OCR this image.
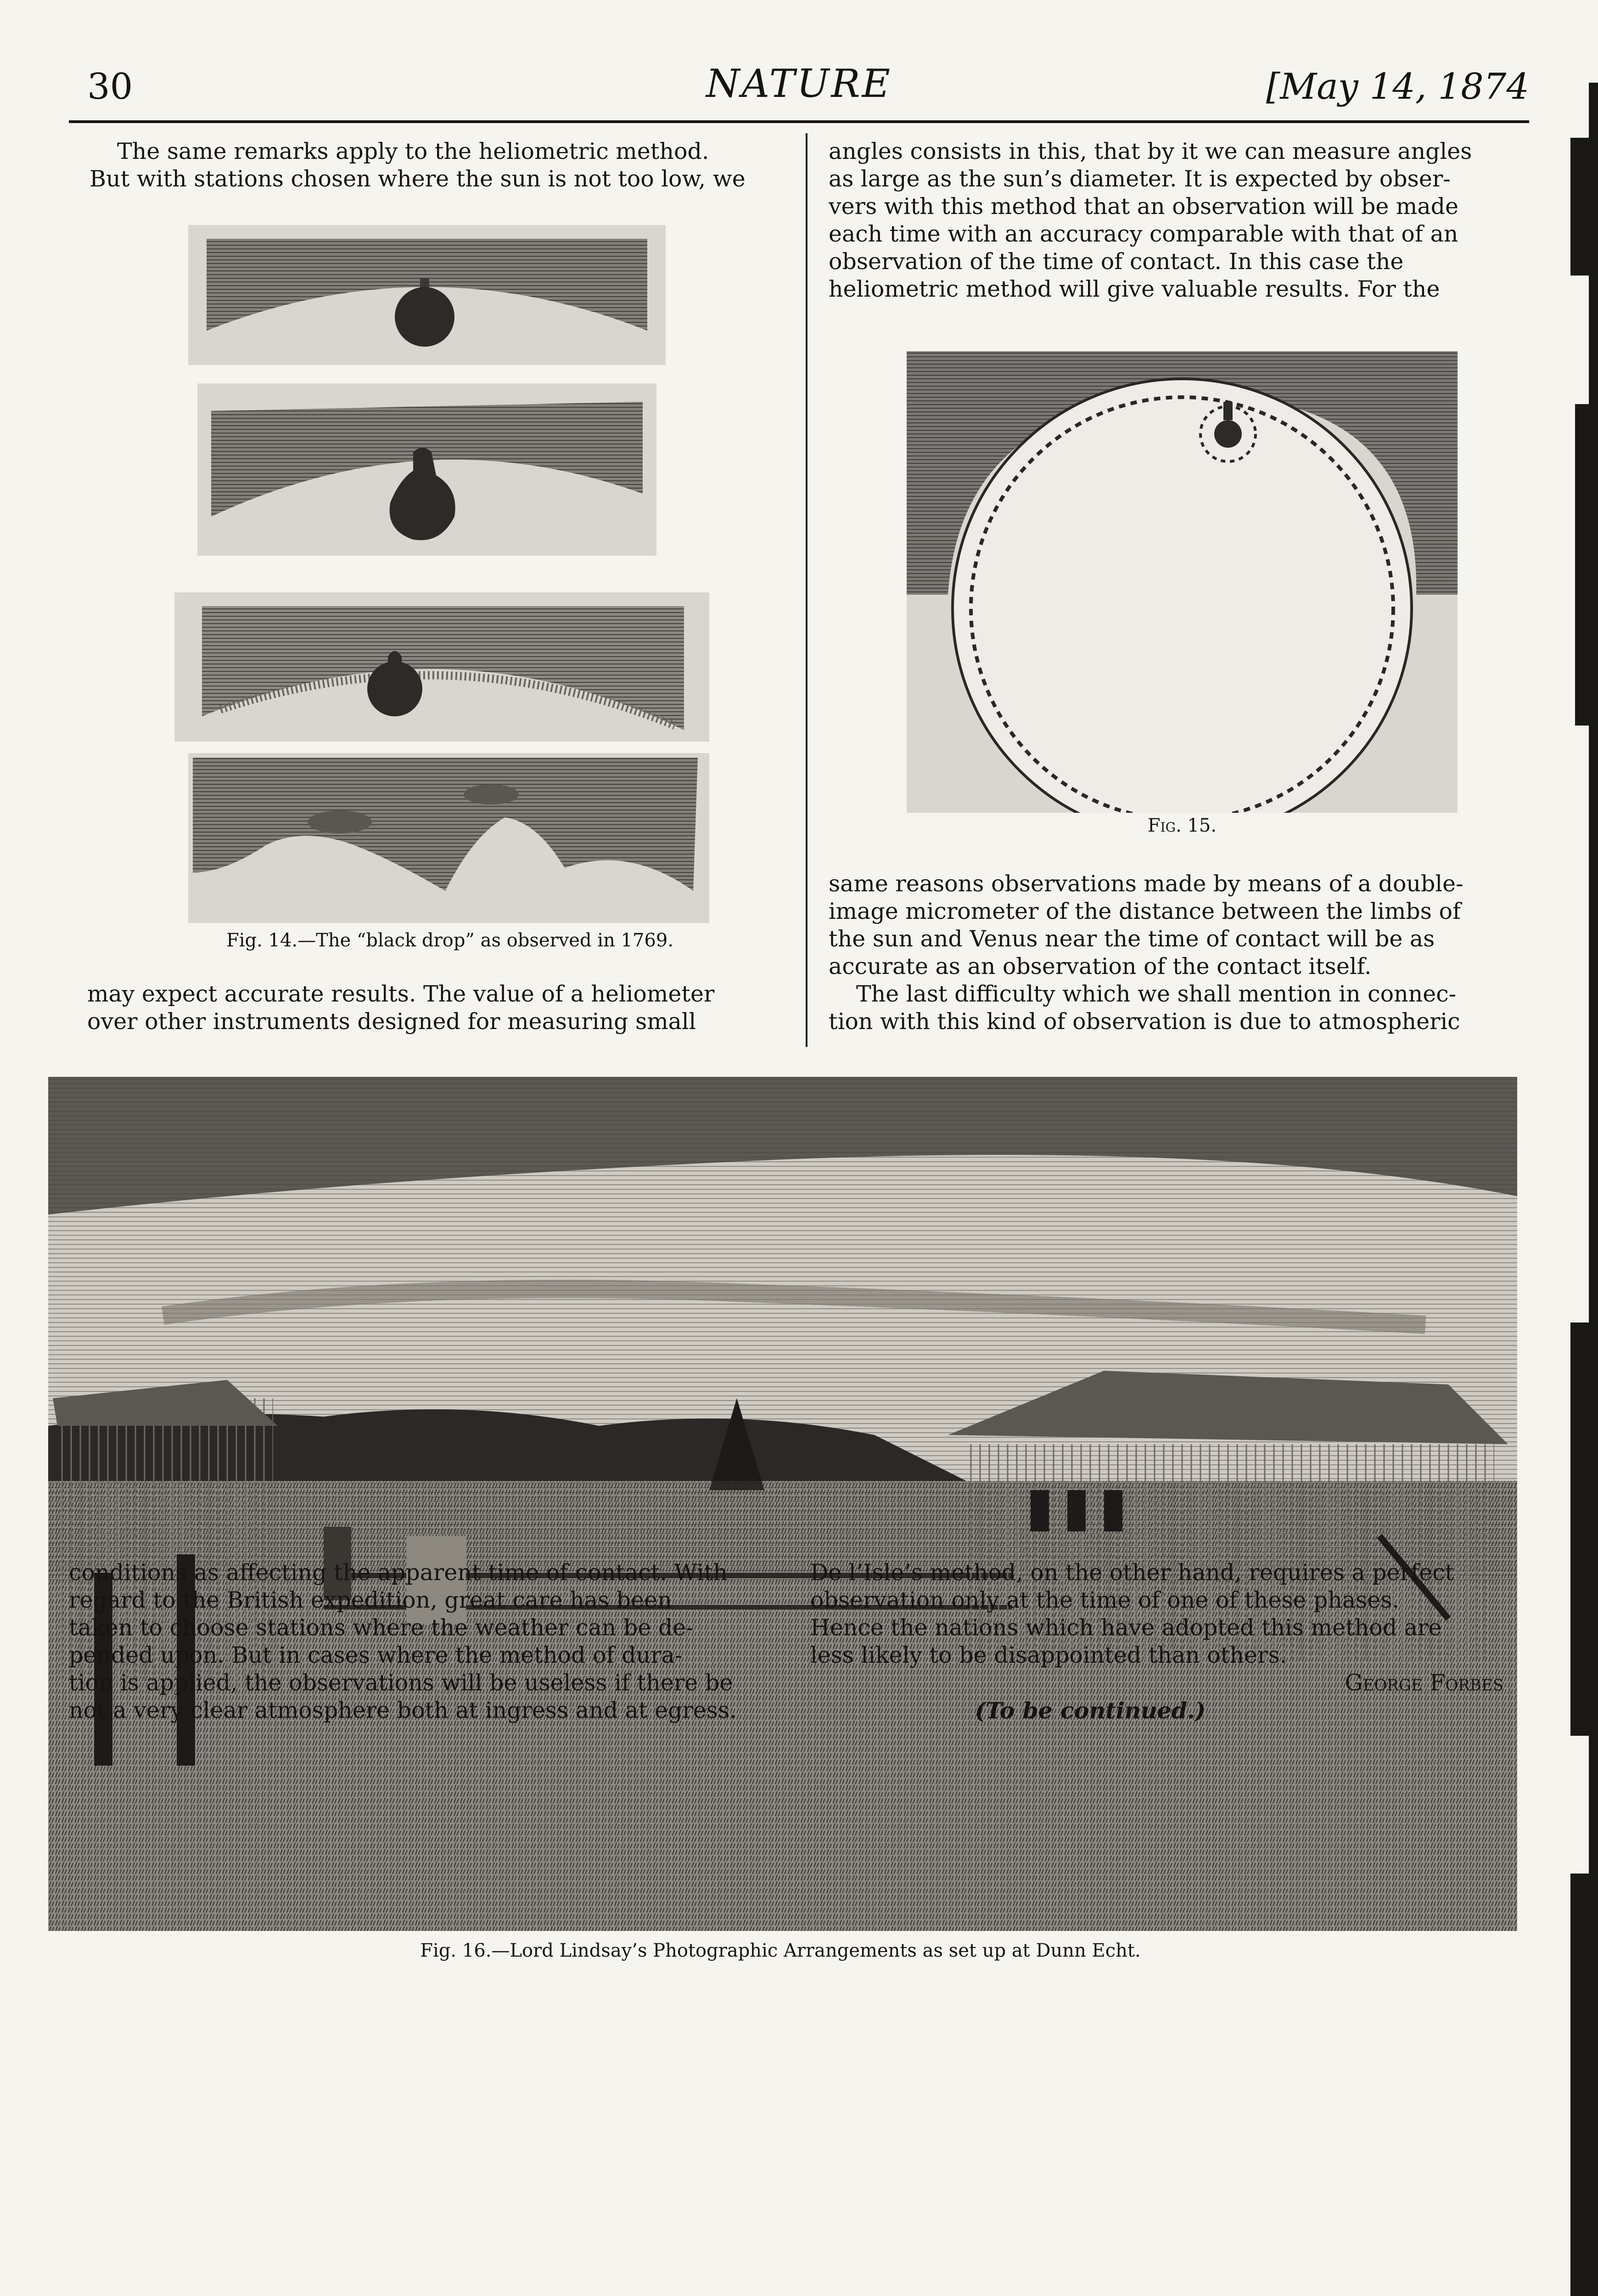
30	NATURE	[May 14, 1874
The same remarks apply to the heliometric method.
But with stations chosen where the sun is not too low, we
Fig. 14.—The “black drop” as observed in 1769.
may expect accurate results. The value of a heliometer
over other instruments designed for measuring small
angles consists in this, that by it we can measure angles
as large as the sun’s diameter. It is expected by obser-
vers with this method that an observation will be made
each time with an accuracy comparable with that of an
observation of the time of contact. In this case the
heliometric method will give valuable results. For the
Fig. 15.
same reasons observations made by means of a double-
image micrometer of the distance between the limbs of
the sun and Venus near the time of contact will be as
accurate as an observation of the contact itself.
The last difficulty which we shall mention in connec-
tion with this kind of observation is due to atmospheric
Fig. 16.—Lord Lindsay’s Photographic Arrangements as set up at Dunn Echt.
conditions as affecting the apparent time of contact. With
regard to the British expedition, great care has been
taken to choose stations where the weather can be de-
pended upon. But in cases where the method of dura-
tion is applied, the observations will be useless if there be
not a very clear atmosphere both at ingress and at egress.
De l’Isle’s method, on the other hand, requires a perfect
observation only at the time of one of these phases.
Hence the nations which have adopted this method are
less likely to be disappointed than others.
George Forbes
(To be continued.)
